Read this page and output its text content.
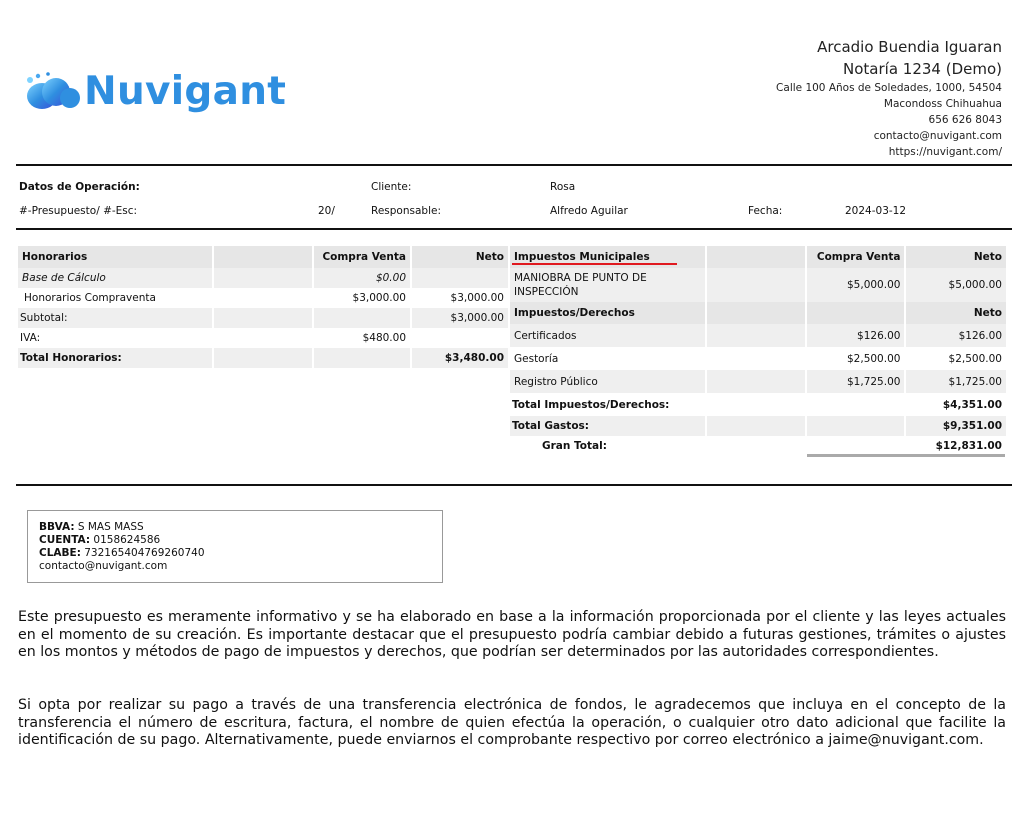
Nuvigant
Arcadio Buendia Iguaran
Notaría 1234 (Demo)
Calle 100 Años de Soledades, 1000, 54504
Macondoss Chihuahua
656 626 8043
contacto@nuvigant.com
https://nuvigant.com/
Datos de Operación:	Cliente:	Rosa
#-Presupuesto/ #-Esc:	20/	Responsable:	Alfredo Aguilar	Fecha:	2024-03-12
Honorarios		Compra Venta	Neto
Base de Cálculo		$0.00	
Honorarios Compraventa		$3,000.00	$3,000.00
Subtotal:			$3,000.00
IVA:		$480.00	
Total Honorarios:			$3,480.00
Impuestos Municipales		Compra Venta	Neto
MANIOBRA DE PUNTO DE INSPECCIÓN		$5,000.00	$5,000.00
Impuestos/Derechos			Neto
Certificados		$126.00	$126.00
Gestoría		$2,500.00	$2,500.00
Registro Público		$1,725.00	$1,725.00
Total Impuestos/Derechos:			$4,351.00
Total Gastos:			$9,351.00
Gran Total:			$12,831.00
BBVA: S MAS MASS
CUENTA: 0158624586
CLABE: 732165404769260740
contacto@nuvigant.com

Este presupuesto es meramente informativo y se ha elaborado en base a la información proporcionada por el cliente y las leyes actuales en el momento de su creación. Es importante destacar que el presupuesto podría cambiar debido a futuras gestiones, trámites o ajustes en los montos y métodos de pago de impuestos y derechos, que podrían ser determinados por las autoridades correspondientes.

Si opta por realizar su pago a través de una transferencia electrónica de fondos, le agradecemos que incluya en el concepto de la transferencia el número de escritura, factura, el nombre de quien efectúa la operación, o cualquier otro dato adicional que facilite la identificación de su pago. Alternativamente, puede enviarnos el comprobante respectivo por correo electrónico a jaime@nuvigant.com.
